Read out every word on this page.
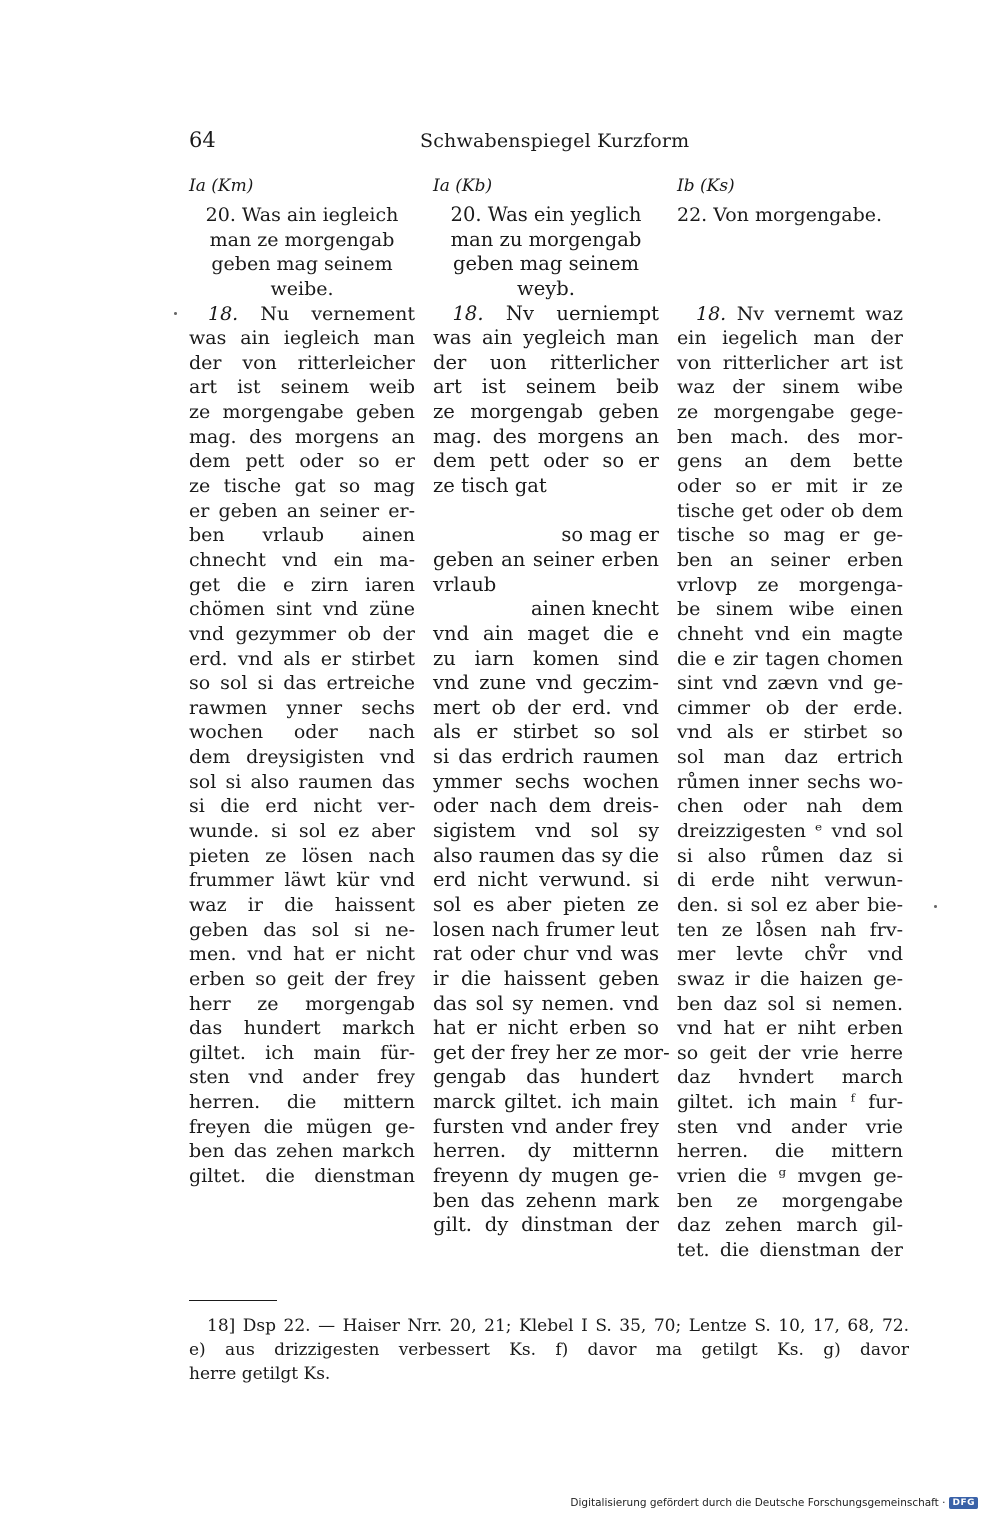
64	Schwabenspiegel Kurzform
Ia (Km)	Ia (Kb)	Ib (Ks)
20. Was ain iegleich
man ze morgengab
geben mag seinem
weibe.
 18. Nu vernement
was ain iegleich man
der von ritterleicher
art ist seinem weib
ze morgengabe geben
mag. des morgens an
dem pett oder so er
ze tische gat so mag
er geben an seiner er-
ben vrlaub ainen
chnecht vnd ein ma-
get die e zirn iaren
chömen sint vnd züne
vnd gezymmer ob der
erd. vnd als er stirbet
so sol si das ertreiche
rawmen ynner sechs
wochen oder nach
dem dreysigisten vnd
sol si also raumen das
si die erd nicht ver-
wunde. si sol ez aber
pieten ze lösen nach
frummer läwt kür vnd
waz ir die haissent
geben das sol si ne-
men. vnd hat er nicht
erben so geit der frey
herr ze morgengab
das hundert markch
giltet. ich main für-
sten vnd ander frey
herren. die mittern
freyen die mügen ge-
ben das zehen markch
giltet. die dienstman
20. Was ein yeglich
man zu morgengab
geben mag seinem
weyb.
 18. Nv uerniempt
was ain yegleich man
der uon ritterlicher
art ist seinem beib
ze morgengab geben
mag. des morgens an
dem pett oder so er
ze tisch gat

so mag er
geben an seiner erben
vrlaub
ainen knecht
vnd ain maget die e
zu iarn komen sind
vnd zune vnd geczim-
mert ob der erd. vnd
als er stirbet so sol
si das erdrich raumen
ymmer sechs wochen
oder nach dem dreis-
sigistem vnd sol sy
also raumen das sy die
erd nicht verwund. si
sol es aber pieten ze
losen nach frumer leut
rat oder chur vnd was
ir die haissent geben
das sol sy nemen. vnd
hat er nicht erben so
get der frey her ze mor-
gengab das hundert
marck giltet. ich main
fursten vnd ander frey
herren. dy mitternn
freyenn dy mugen ge-
ben das zehenn mark
gilt. dy dinstman der
22. Von morgengabe.

 18. Nv vernemt waz
ein iegelich man der
von ritterlicher art ist
waz der sinem wibe
ze morgengabe gege-
ben mach. des mor-
gens an dem bette
oder so er mit ir ze
tische get oder ob dem
tische so mag er ge-
ben an seiner erben
vrlovp ze morgenga-
be sinem wibe einen
chneht vnd ein magte
die e zir tagen chomen
sint vnd zævn vnd ge-
cimmer ob der erde.
vnd als er stirbet so
sol man daz ertrich
růmen inner sechs wo-
chen oder nah dem
dreizzigesten ᵉ vnd sol
si also růmen daz si
di erde niht verwun-
den. si sol ez aber bie-
ten ze lo̊sen nah frv-
mer levte chv̊r vnd
swaz ir die haizen ge-
ben daz sol si nemen.
vnd hat er niht erben
so geit der vrie herre
daz hvndert march
giltet. ich main ᶠ fur-
sten vnd ander vrie
herren. die mittern
vrien die ᵍ mvgen ge-
ben ze morgengabe
daz zehen march gil-
tet. die dienstman der
18] Dsp 22. — Haiser Nrr. 20, 21; Klebel I S. 35, 70; Lentze S. 10, 17, 68, 72.
e) aus drizzigesten verbessert Ks. f) davor ma getilgt Ks. g) davor
herre getilgt Ks.
Digitalisierung gefördert durch die Deutsche Forschungsgemeinschaft · DFG
